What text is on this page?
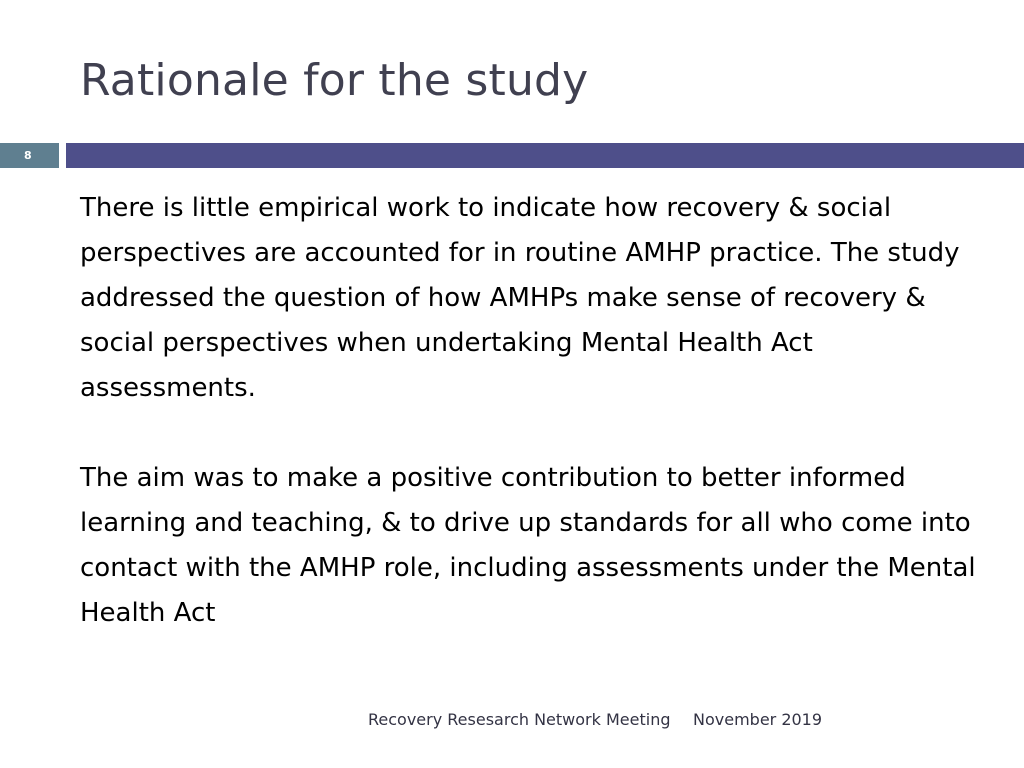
Rationale for the study
8

There is little empirical work to indicate how recovery & social perspectives are accounted for in routine AMHP practice. The study addressed the question of how AMHPs make sense of recovery & social perspectives when undertaking Mental Health Act assessments.

The aim was to make a positive contribution to better informed learning and teaching, & to drive up standards for all who come into contact with the AMHP role, including assessments under the Mental Health Act

Recovery Resesarch Network Meeting November 2019
